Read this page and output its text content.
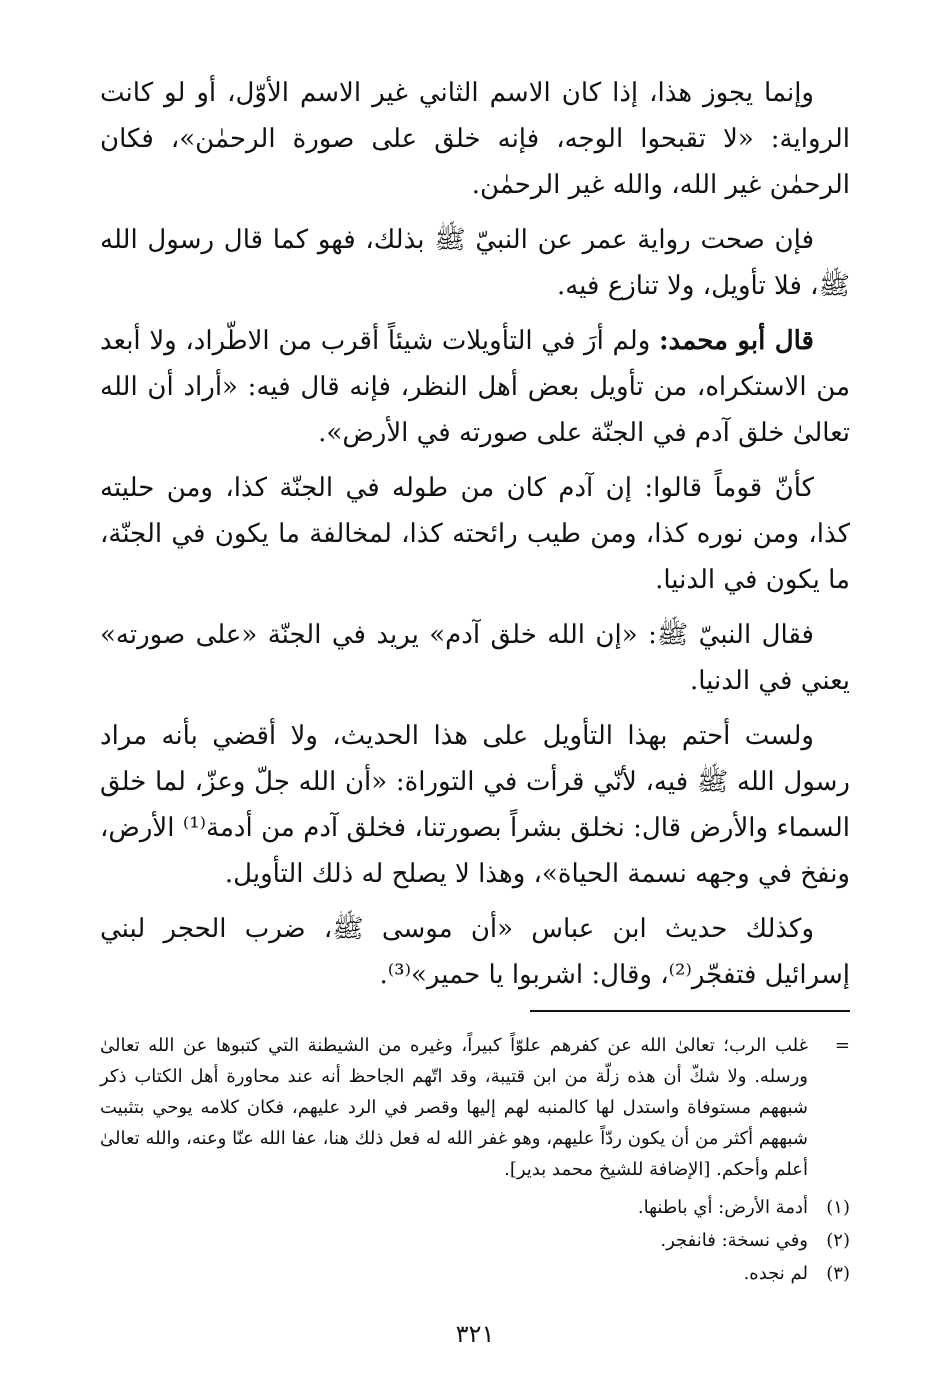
وإنما يجوز هذا، إذا كان الاسم الثاني غير الاسم الأوّل، أو لو كانت الرواية: «لا تقبحوا الوجه، فإنه خلق على صورة الرحمٰن»، فكان الرحمٰن غير الله، والله غير الرحمٰن.

فإن صحت رواية عمر عن النبيّ ﷺ بذلك، فهو كما قال رسول الله ﷺ، فلا تأويل، ولا تنازع فيه.

قال أبو محمد: ولم أرَ في التأويلات شيئاً أقرب من الاطّراد، ولا أبعد من الاستكراه، من تأويل بعض أهل النظر، فإنه قال فيه: «أراد أن الله تعالىٰ خلق آدم في الجنّة على صورته في الأرض».

كأنّ قوماً قالوا: إن آدم كان من طوله في الجنّة كذا، ومن حليته كذا، ومن نوره كذا، ومن طيب رائحته كذا، لمخالفة ما يكون في الجنّة، ما يكون في الدنيا.

فقال النبيّ ﷺ: «إن الله خلق آدم» يريد في الجنّة «على صورته» يعني في الدنيا.

ولست أحتم بهذا التأويل على هذا الحديث، ولا أقضي بأنه مراد رسول الله ﷺ فيه، لأنّي قرأت في التوراة: «أن الله جلّ وعزّ، لما خلق السماء والأرض قال: نخلق بشراً بصورتنا، فخلق آدم من أدمة⁽¹⁾ الأرض، ونفخ في وجهه نسمة الحياة»، وهذا لا يصلح له ذلك التأويل.

وكذلك حديث ابن عباس «أن موسى ﷺ، ضرب الحجر لبني إسرائيل فتفجّر⁽²⁾، وقال: اشربوا يا حمير»⁽³⁾.

=
غلب الرب؛ تعالىٰ الله عن كفرهم علوّاً كبيراً، وغيره من الشيطنة التي كتبوها عن الله تعالىٰ ورسله. ولا شكّ أن هذه زلّة من ابن قتيبة، وقد اتّهم الجاحظ أنه عند محاورة أهل الكتاب ذكر شبههم مستوفاة واستدل لها كالمنبه لهم إليها وقصر في الرد عليهم، فكان كلامه يوحي بتثبيت شبههم أكثر من أن يكون ردّاً عليهم، وهو غفر الله له فعل ذلك هنا، عفا الله عنّا وعنه، والله تعالىٰ أعلم وأحكم. [الإضافة للشيخ محمد بدير].

(١)
أدمة الأرض: أي باطنها.

(٢)
وفي نسخة: فانفجر.

(٣)
لم نجده.

٣٢١
